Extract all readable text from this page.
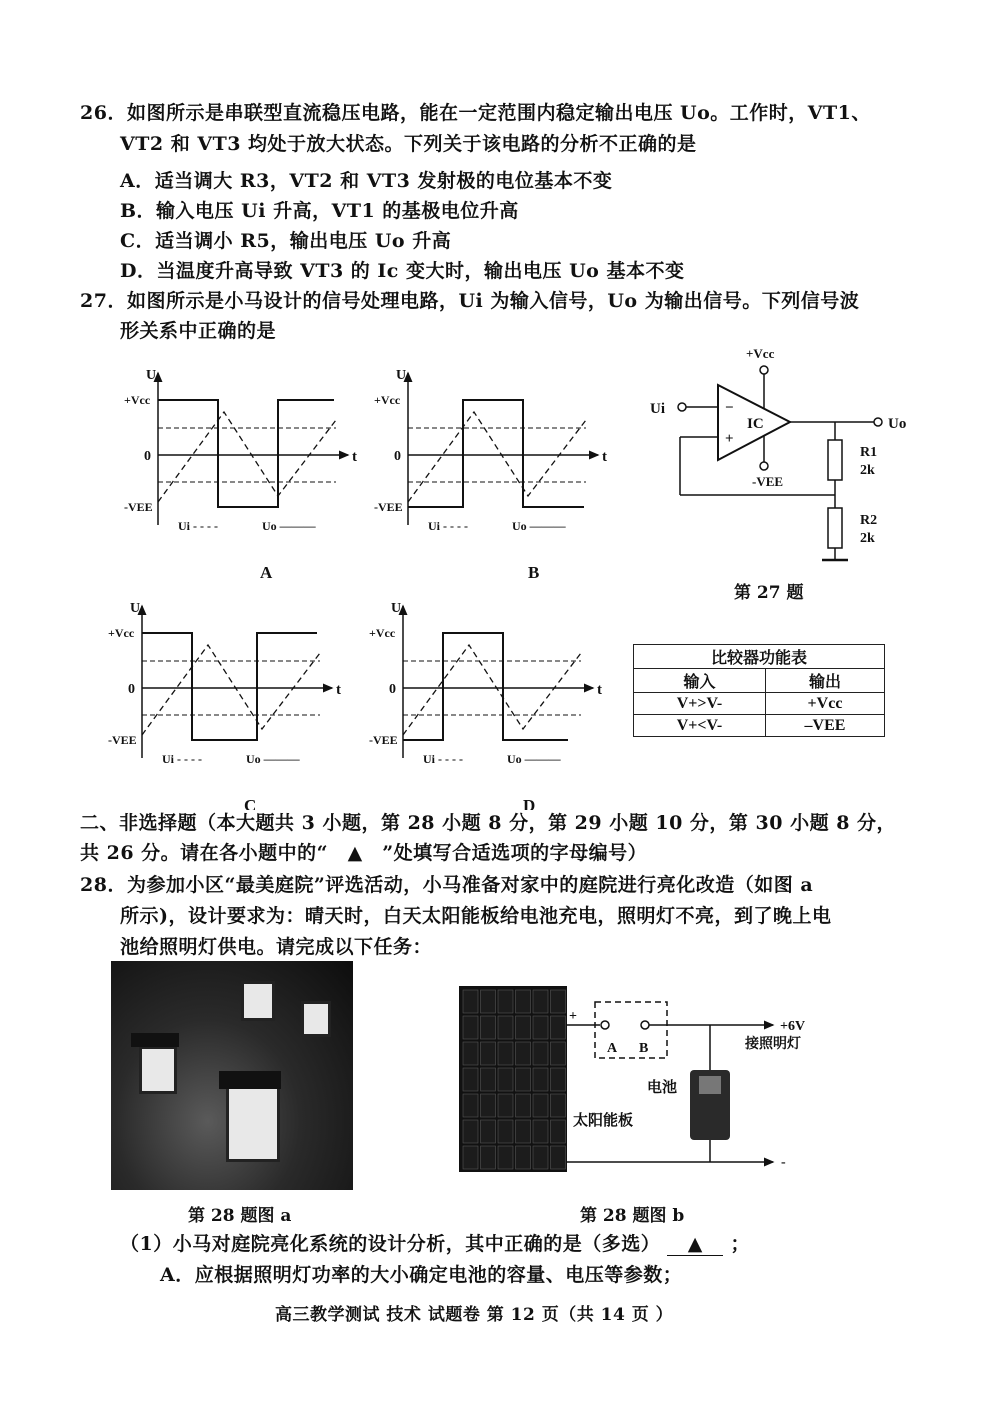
26．如图所示是串联型直流稳压电路，能在一定范围内稳定输出电压 Uo。工作时，VT1、
VT2 和 VT3 均处于放大状态。下列关于该电路的分析不正确的是
A．适当调大 R3，VT2 和 VT3 发射极的电位基本不变
B．输入电压 Ui 升高，VT1 的基极电位升高
C．适当调小 R5，输出电压 Uo 升高
D．当温度升高导致 VT3 的 Ic 变大时，输出电压 Uo 基本不变
27．如图所示是小马设计的信号处理电路，Ui 为输入信号，Uo 为输出信号。下列信号波
形关系中正确的是
U
+Vcc
-VEE
0	t
Ui - - - -	Uo ———
A
U
+Vcc
-VEE
0	t
Ui - - - -	Uo ———
B
U
+Vcc
-VEE
0	t
Ui - - - -	Uo ———
C
U
+Vcc
-VEE
0	t
Ui - - - -	Uo ———
D
+Vcc
-VEE
IC
−
+
Ui
Uo
R1
2k
R2
2k
第 27 题
比较器功能表	
输入	输出
V+>V-	+Vcc
V+<V-	–VEE
二、非选择题（本大题共 3 小题，第 28 小题 8 分，第 29 小题 10 分，第 30 小题 8 分，
共 26 分。请在各小题中的“　▲　”处填写合适选项的字母编号）
28．为参加小区“最美庭院”评选活动，小马准备对家中的庭院进行亮化改造（如图 a
所示)，设计要求为：晴天时，白天太阳能板给电池充电，照明灯不亮，到了晚上电
池给照明灯供电。请完成以下任务：
第 28 题图 a
+
A B
+6V
接照明灯
电池
太阳能板
-
第 28 题图 b
（1）小马对庭院亮化系统的设计分析，其中正确的是（多选） ▲ ；
A．应根据照明灯功率的大小确定电池的容量、电压等参数；
高三教学测试 技术 试题卷 第 12 页（共 14 页 ）
